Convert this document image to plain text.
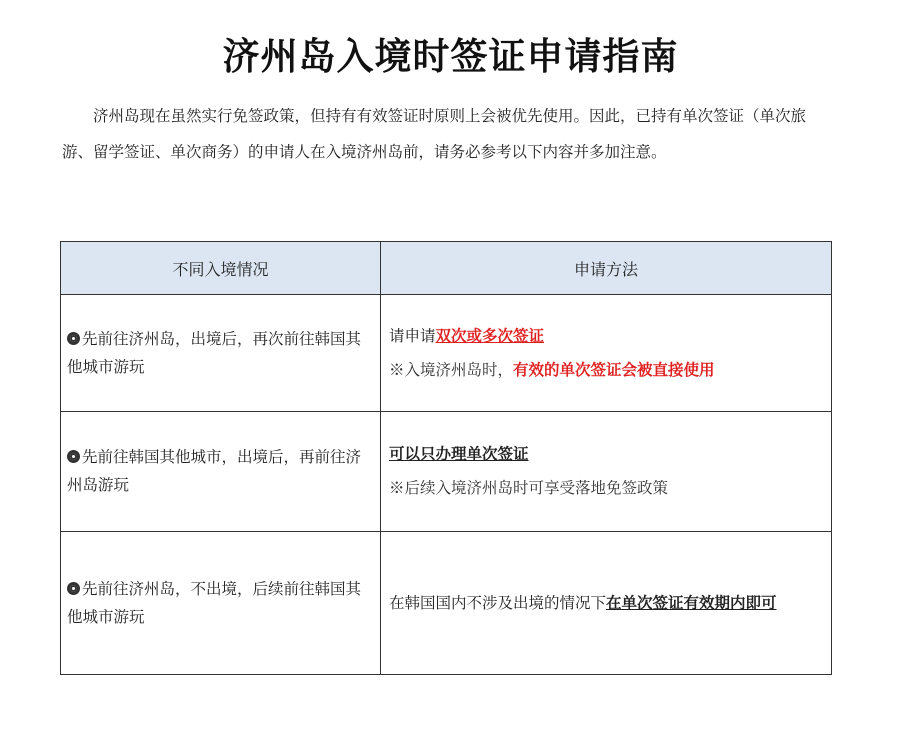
济州岛入境时签证申请指南
济州岛现在虽然实行免签政策，但持有有效签证时原则上会被优先使用。因此，已持有单次签证（单次旅游、留学签证、单次商务）的申请人在入境济州岛前，请务必参考以下内容并多加注意。
不同入境情况	申请方法
先前往济州岛，出境后，再次前往韩国其他城市游玩	请申请双次或多次签证
※入境济州岛时，有效的单次签证会被直接使用

先前往韩国其他城市，出境后，再前往济州岛游玩	可以只办理单次签证
※后续入境济州岛时可享受落地免签政策

先前往济州岛，不出境，后续前往韩国其他城市游玩	在韩国国内不涉及出境的情况下在单次签证有效期内即可
